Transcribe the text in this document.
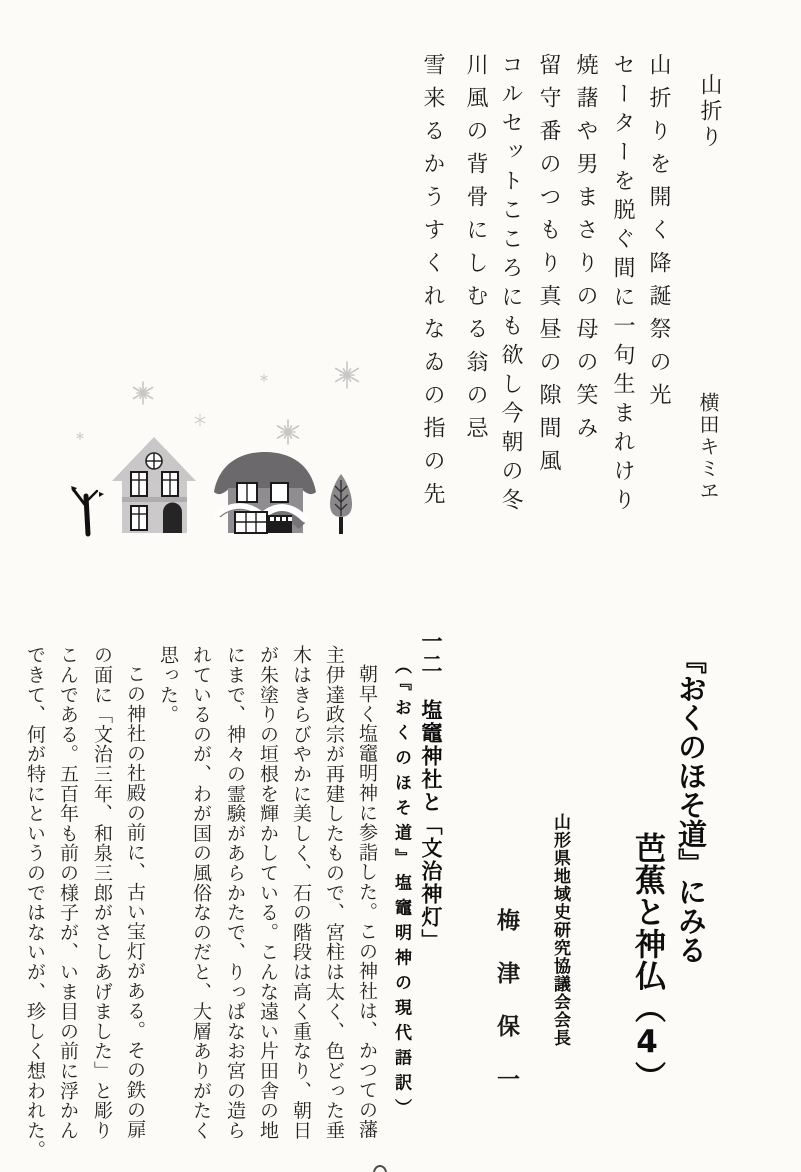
山折り
横田キミヱ
山折りを開く降誕祭の光
セーターを脱ぐ間に一句生まれけり
焼藷や男まさりの母の笑み
留守番のつもり真昼の隙間風
コルセットこころにも欲し今朝の冬
川風の背骨にしむる翁の忌
雪来るかうすくれなゐの指の先
『おくのほそ道』にみる
芭蕉と神仏（4）
山形県地域史研究協議会会長
梅津保一
一二　塩竈神社と「文治神灯」
（『おくのほそ道』塩竈明神の現代語訳）
朝早く塩竈明神に参詣した。この神社は、かつての藩
主伊達政宗が再建したもので、宮柱は太く、色どった垂
木はきらびやかに美しく、石の階段は高く重なり、朝日
が朱塗りの垣根を輝かしている。こんな遠い片田舎の地
にまで、神々の霊験があらかたで、りっぱなお宮の造ら
れているのが、わが国の風俗なのだと、大層ありがたく
思った。
この神社の社殿の前に、古い宝灯がある。その鉄の扉
の面に「文治三年、和泉三郎がさしあげました」と彫り
こんである。五百年も前の様子が、いま目の前に浮かん
できて、何が特にというのではないが、珍しく想われた。
